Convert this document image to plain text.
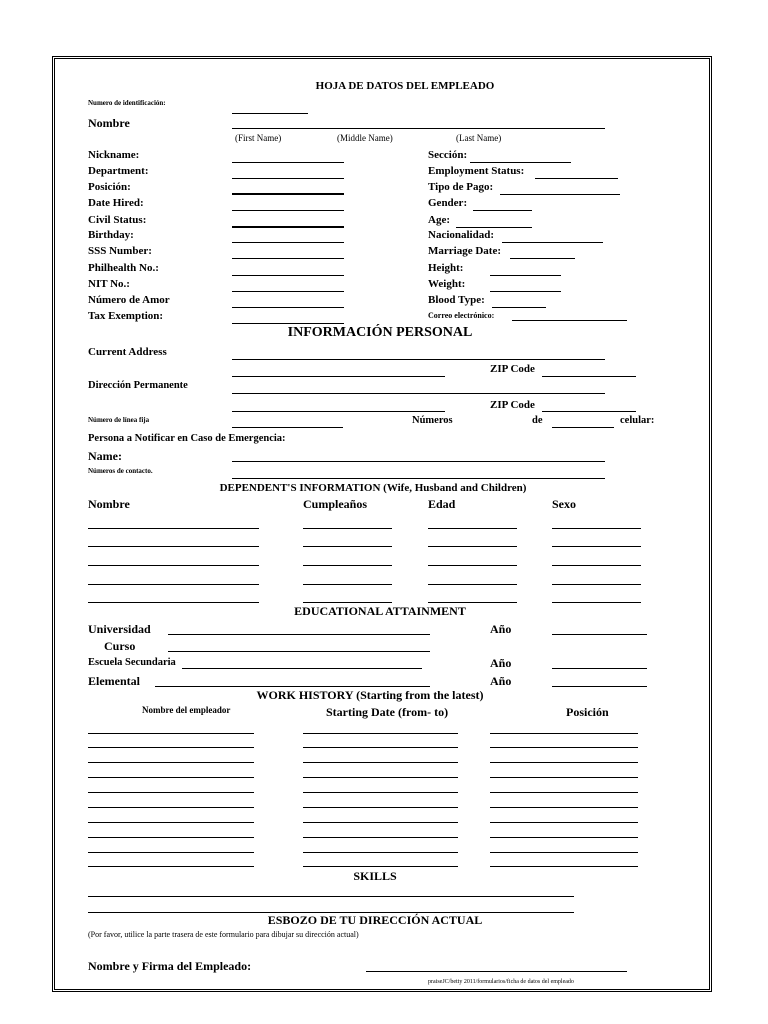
HOJA DE DATOS DEL EMPLEADO
Numero de identificación:
Nombre
(First Name)	(Middle Name)	(Last Name)
Nickname:
Department:
Posición:
Date Hired:
Civil Status:
Birthday:
SSS Number:
Philhealth No.:
NIT No.:
Número de Amor
Tax Exemption:
Sección:
Employment Status:
Tipo de Pago:
Gender:
Age:
Nacionalidad:
Marriage Date:
Height:
Weight:
Blood Type:
Correo electrónico:
INFORMACIÓN PERSONAL
Current Address
ZIP Code
Dirección Permanente
ZIP Code
Número de línea fija	Números	de	celular:
Persona a Notificar en Caso de Emergencia:
Name:
Números de contacto.
DEPENDENT'S INFORMATION (Wife, Husband and Children)
Nombre	Cumpleaños	Edad	Sexo
EDUCATIONAL ATTAINMENT
Universidad	Año
Curso
Escuela Secundaria	Año
Elemental	Año
WORK HISTORY (Starting from the latest)
Nombre del empleador	Starting Date (from- to)	Posición
SKILLS
ESBOZO DE TU DIRECCIÓN ACTUAL
(Por favor, utilice la parte trasera de este formulario para dibujar su dirección actual)
Nombre y Firma del Empleado:
praiseJC/betty 2011/formularios/ficha de datos del empleado
